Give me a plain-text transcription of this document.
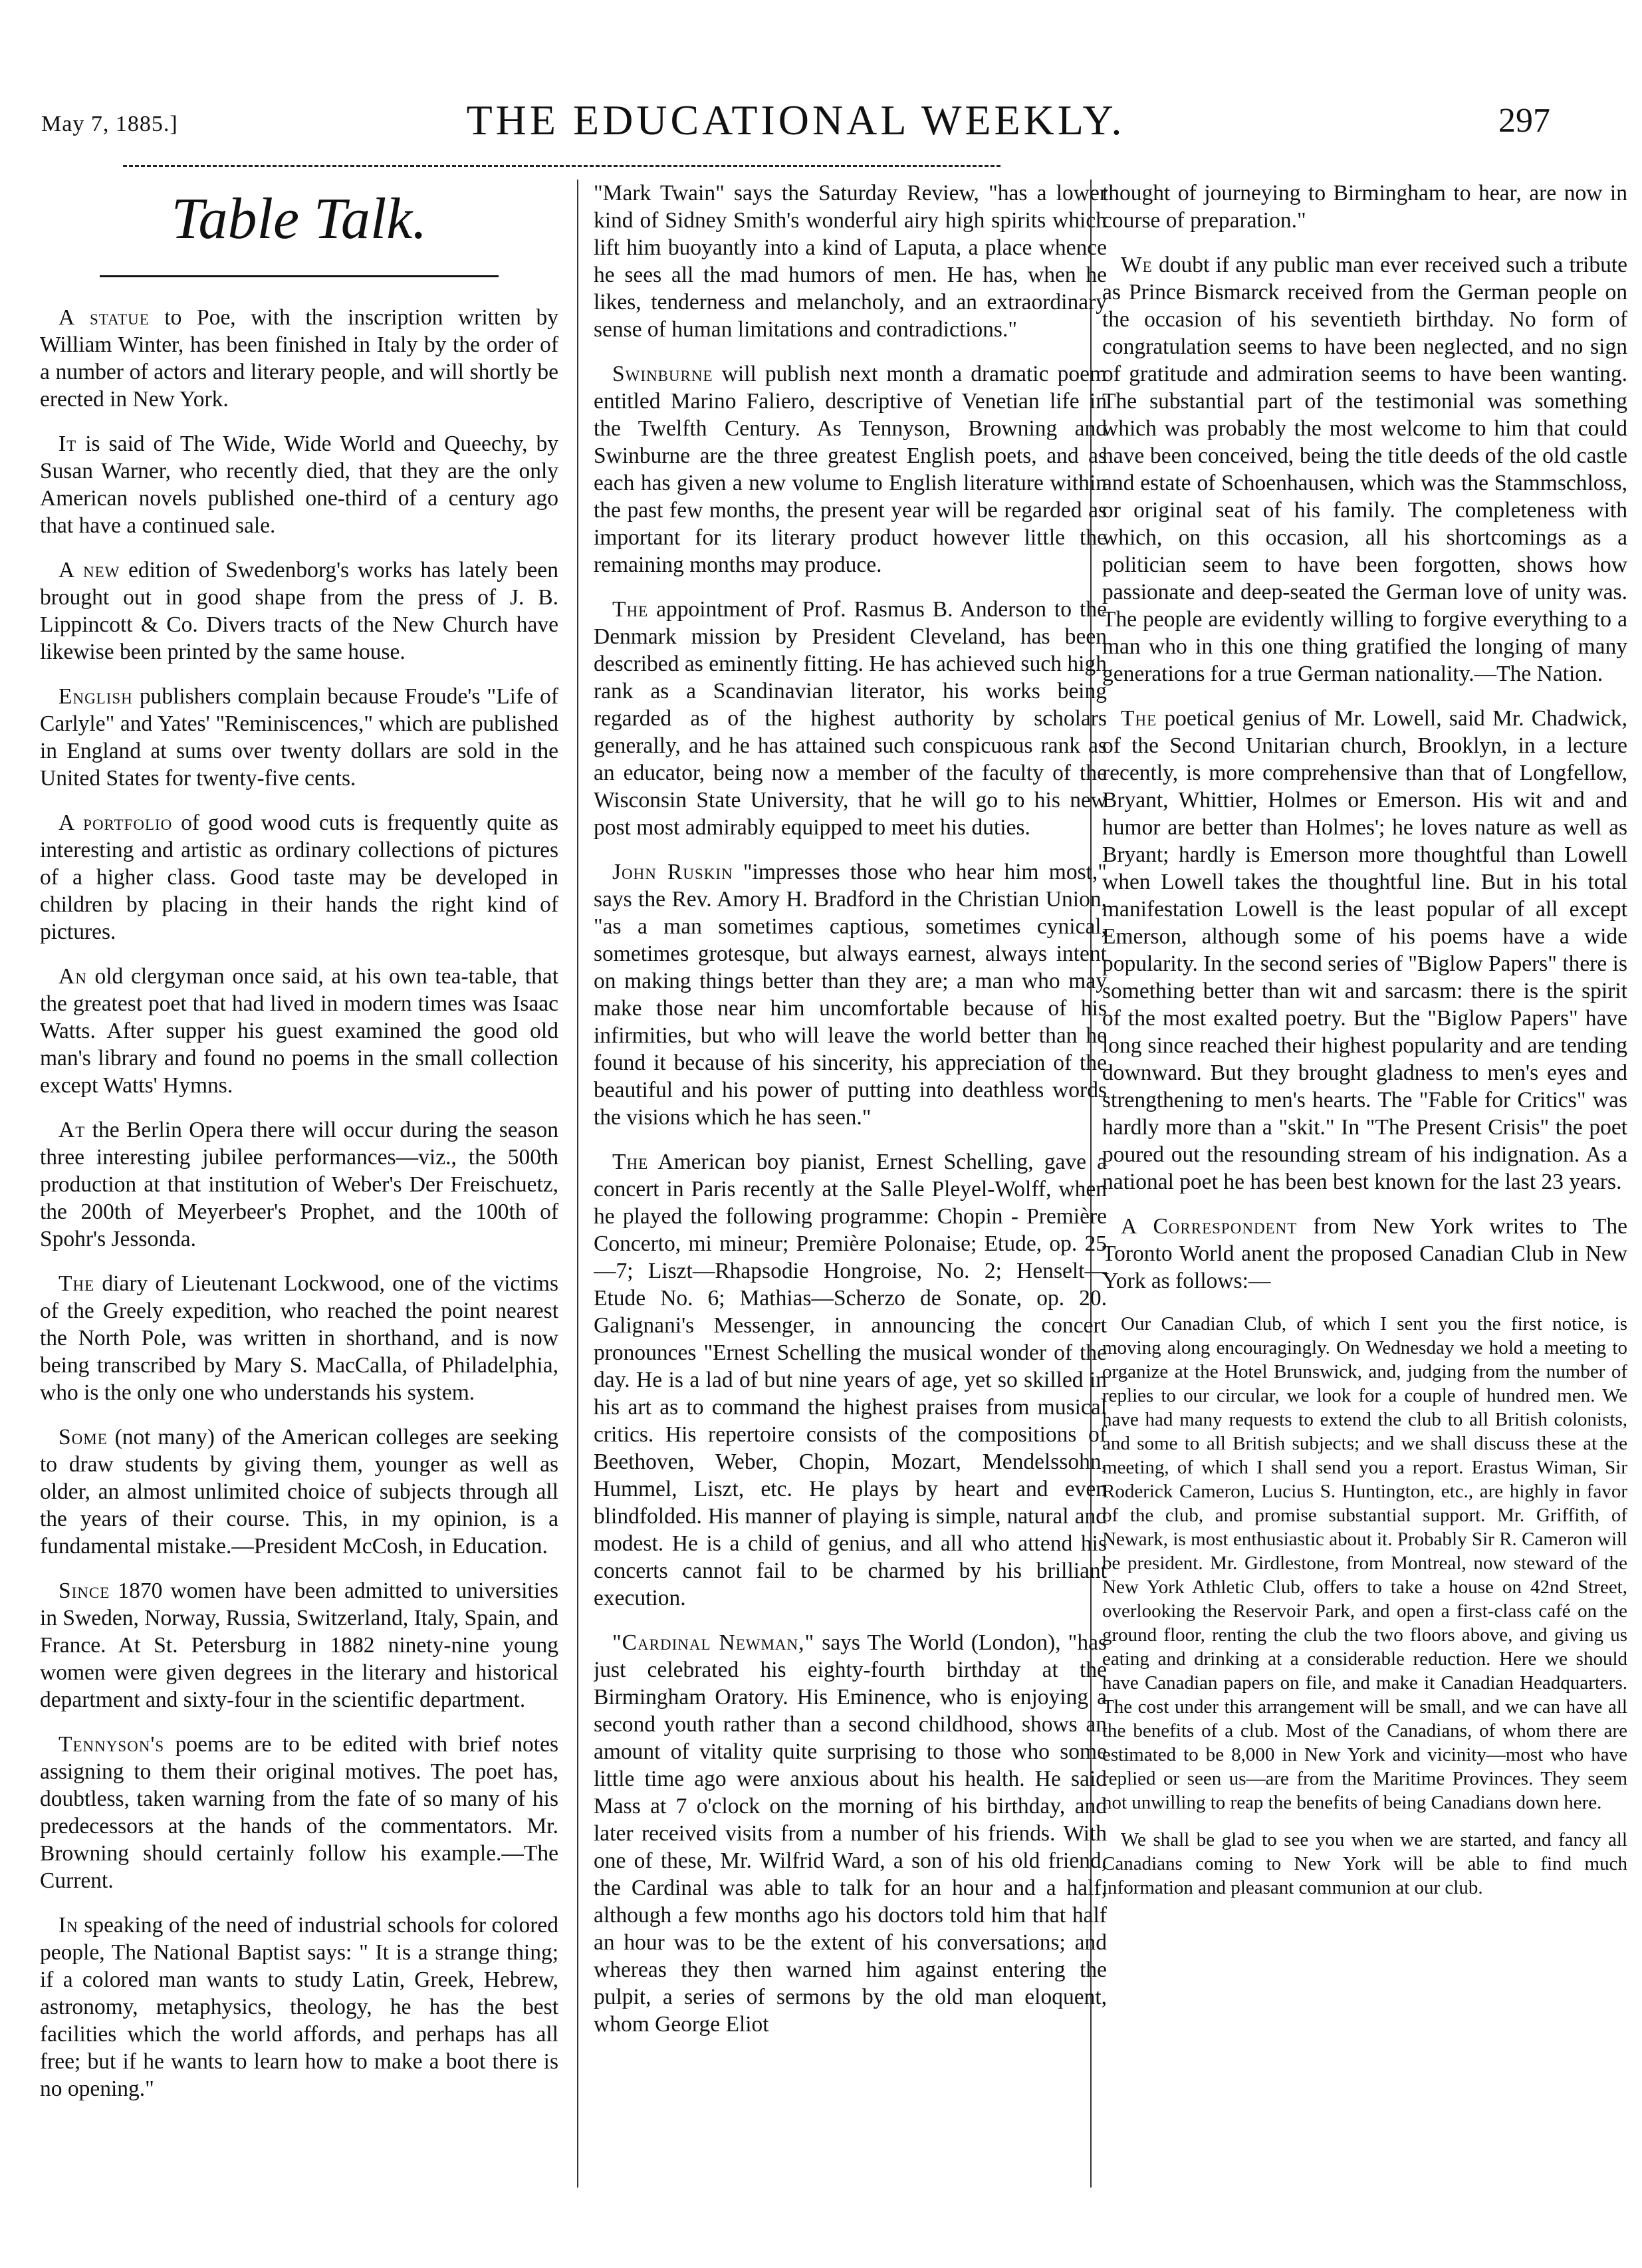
May 7, 1885.]	THE EDUCATIONAL WEEKLY.	297
Table Talk.

A statue to Poe, with the inscription written by William Winter, has been finished in Italy by the order of a number of actors and literary people, and will shortly be erected in New York.

It is said of The Wide, Wide World and Queechy, by Susan Warner, who recently died, that they are the only American novels published one-third of a century ago that have a continued sale.

A new edition of Swedenborg's works has lately been brought out in good shape from the press of J. B. Lippincott & Co. Divers tracts of the New Church have likewise been printed by the same house.

English publishers complain because Froude's "Life of Carlyle" and Yates' "Reminiscences," which are published in England at sums over twenty dollars are sold in the United States for twenty-five cents.

A portfolio of good wood cuts is frequently quite as interesting and artistic as ordinary collections of pictures of a higher class. Good taste may be developed in children by placing in their hands the right kind of pictures.

An old clergyman once said, at his own tea-table, that the greatest poet that had lived in modern times was Isaac Watts. After supper his guest examined the good old man's library and found no poems in the small collection except Watts' Hymns.

At the Berlin Opera there will occur during the season three interesting jubilee performances—viz., the 500th production at that institution of Weber's Der Freischuetz, the 200th of Meyerbeer's Prophet, and the 100th of Spohr's Jessonda.

The diary of Lieutenant Lockwood, one of the victims of the Greely expedition, who reached the point nearest the North Pole, was written in shorthand, and is now being transcribed by Mary S. MacCalla, of Philadelphia, who is the only one who understands his system.

Some (not many) of the American colleges are seeking to draw students by giving them, younger as well as older, an almost unlimited choice of subjects through all the years of their course. This, in my opinion, is a fundamental mistake.—President McCosh, in Education.

Since 1870 women have been admitted to universities in Sweden, Norway, Russia, Switzerland, Italy, Spain, and France. At St. Petersburg in 1882 ninety-nine young women were given degrees in the literary and historical department and sixty-four in the scientific department.

Tennyson's poems are to be edited with brief notes assigning to them their original motives. The poet has, doubtless, taken warning from the fate of so many of his predecessors at the hands of the commentators. Mr. Browning should certainly follow his example.—The Current.

In speaking of the need of industrial schools for colored people, The National Baptist says: " It is a strange thing; if a colored man wants to study Latin, Greek, Hebrew, astronomy, metaphysics, theology, he has the best facilities which the world affords, and perhaps has all free; but if he wants to learn how to make a boot there is no opening."

"Mark Twain" says the Saturday Review, "has a lower kind of Sidney Smith's wonderful airy high spirits which lift him buoyantly into a kind of Laputa, a place whence he sees all the mad humors of men. He has, when he likes, tenderness and melancholy, and an extraordinary sense of human limitations and contradictions."

Swinburne will publish next month a dramatic poem entitled Marino Faliero, descriptive of Venetian life in the Twelfth Century. As Tennyson, Browning and Swinburne are the three greatest English poets, and as each has given a new volume to English literature within the past few months, the present year will be regarded as important for its literary product however little the remaining months may produce.

The appointment of Prof. Rasmus B. Anderson to the Denmark mission by President Cleveland, has been described as eminently fitting. He has achieved such high rank as a Scandinavian literator, his works being regarded as of the highest authority by scholars generally, and he has attained such conspicuous rank as an educator, being now a member of the faculty of the Wisconsin State University, that he will go to his new post most admirably equipped to meet his duties.

John Ruskin "impresses those who hear him most," says the Rev. Amory H. Bradford in the Christian Union, "as a man sometimes captious, sometimes cynical, sometimes grotesque, but always earnest, always intent on making things better than they are; a man who may make those near him uncomfortable because of his infirmities, but who will leave the world better than he found it because of his sincerity, his appreciation of the beautiful and his power of putting into deathless words the visions which he has seen."

The American boy pianist, Ernest Schelling, gave a concert in Paris recently at the Salle Pleyel-Wolff, when he played the following programme: Chopin - Première Concerto, mi mineur; Première Polonaise; Etude, op. 25—7; Liszt—Rhapsodie Hongroise, No. 2; Henselt—Etude No. 6; Mathias—Scherzo de Sonate, op. 20. Galignani's Messenger, in announcing the concert pronounces "Ernest Schelling the musical wonder of the day. He is a lad of but nine years of age, yet so skilled in his art as to command the highest praises from musical critics. His repertoire consists of the compositions of Beethoven, Weber, Chopin, Mozart, Mendelssohn, Hummel, Liszt, etc. He plays by heart and even blindfolded. His manner of playing is simple, natural and modest. He is a child of genius, and all who attend his concerts cannot fail to be charmed by his brilliant execution.

"Cardinal Newman," says The World (London), "has just celebrated his eighty-fourth birthday at the Birmingham Oratory. His Eminence, who is enjoying a second youth rather than a second childhood, shows an amount of vitality quite surprising to those who some little time ago were anxious about his health. He said Mass at 7 o'clock on the morning of his birthday, and later received visits from a number of his friends. With one of these, Mr. Wilfrid Ward, a son of his old friend, the Cardinal was able to talk for an hour and a half, although a few months ago his doctors told him that half an hour was to be the extent of his conversations; and whereas they then warned him against entering the pulpit, a series of sermons by the old man eloquent, whom George Eliot

thought of journeying to Birmingham to hear, are now in course of preparation."

We doubt if any public man ever received such a tribute as Prince Bismarck received from the German people on the occasion of his seventieth birthday. No form of congratulation seems to have been neglected, and no sign of gratitude and admiration seems to have been wanting. The substantial part of the testimonial was something which was probably the most welcome to him that could have been conceived, being the title deeds of the old castle and estate of Schoenhausen, which was the Stammschloss, or original seat of his family. The completeness with which, on this occasion, all his shortcomings as a politician seem to have been forgotten, shows how passionate and deep-seated the German love of unity was. The people are evidently willing to forgive everything to a man who in this one thing gratified the longing of many generations for a true German nationality.—The Nation.

The poetical genius of Mr. Lowell, said Mr. Chadwick, of the Second Unitarian church, Brooklyn, in a lecture recently, is more comprehensive than that of Longfellow, Bryant, Whittier, Holmes or Emerson. His wit and and humor are better than Holmes'; he loves nature as well as Bryant; hardly is Emerson more thoughtful than Lowell when Lowell takes the thoughtful line. But in his total manifestation Lowell is the least popular of all except Emerson, although some of his poems have a wide popularity. In the second series of "Biglow Papers" there is something better than wit and sarcasm: there is the spirit of the most exalted poetry. But the "Biglow Papers" have long since reached their highest popularity and are tending downward. But they brought gladness to men's eyes and strengthening to men's hearts. The "Fable for Critics" was hardly more than a "skit." In "The Present Crisis" the poet poured out the resounding stream of his indignation. As a national poet he has been best known for the last 23 years.

A Correspondent from New York writes to The Toronto World anent the proposed Canadian Club in New York as follows:—

Our Canadian Club, of which I sent you the first notice, is moving along encouragingly. On Wednesday we hold a meeting to organize at the Hotel Brunswick, and, judging from the number of replies to our circular, we look for a couple of hundred men. We have had many requests to extend the club to all British colonists, and some to all British subjects; and we shall discuss these at the meeting, of which I shall send you a report. Erastus Wiman, Sir Roderick Cameron, Lucius S. Huntington, etc., are highly in favor of the club, and promise substantial support. Mr. Griffith, of Newark, is most enthusiastic about it. Probably Sir R. Cameron will be president. Mr. Girdlestone, from Montreal, now steward of the New York Athletic Club, offers to take a house on 42nd Street, overlooking the Reservoir Park, and open a first-class café on the ground floor, renting the club the two floors above, and giving us eating and drinking at a considerable reduction. Here we should have Canadian papers on file, and make it Canadian Headquarters. The cost under this arrangement will be small, and we can have all the benefits of a club. Most of the Canadians, of whom there are estimated to be 8,000 in New York and vicinity—most who have replied or seen us—are from the Maritime Provinces. They seem not unwilling to reap the benefits of being Canadians down here.

We shall be glad to see you when we are started, and fancy all Canadians coming to New York will be able to find much information and pleasant communion at our club.
